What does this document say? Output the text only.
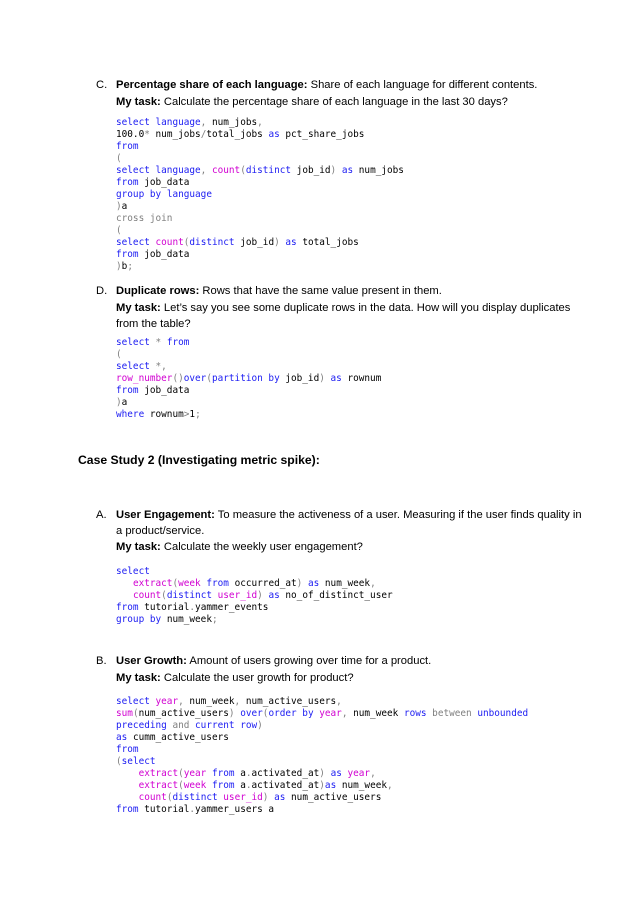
C. Percentage share of each language: Share of each language for different contents.
My task: Calculate the percentage share of each language in the last 30 days?
select language, num_jobs,
100.0* num_jobs/total_jobs as pct_share_jobs
from
(
select language, count(distinct job_id) as num_jobs
from job_data
group by language
)a
cross join
(
select count(distinct job_id) as total_jobs
from job_data
)b;
D. Duplicate rows: Rows that have the same value present in them.
My task: Let’s say you see some duplicate rows in the data. How will you display duplicates
from the table?
select * from
(
select *,
row_number()over(partition by job_id) as rownum
from job_data
)a
where rownum>1;
Case Study 2 (Investigating metric spike):
A. User Engagement: To measure the activeness of a user. Measuring if the user finds quality in
a product/service.
My task: Calculate the weekly user engagement?
select
extract(week from occurred_at) as num_week,
count(distinct user_id) as no_of_distinct_user
from tutorial.yammer_events
group by num_week;
B. User Growth: Amount of users growing over time for a product.
My task: Calculate the user growth for product?
select year, num_week, num_active_users,
sum(num_active_users) over(order by year, num_week rows between unbounded
preceding and current row)
as cumm_active_users
from
(select
extract(year from a.activated_at) as year,
extract(week from a.activated_at)as num_week,
count(distinct user_id) as num_active_users
from tutorial.yammer_users a
